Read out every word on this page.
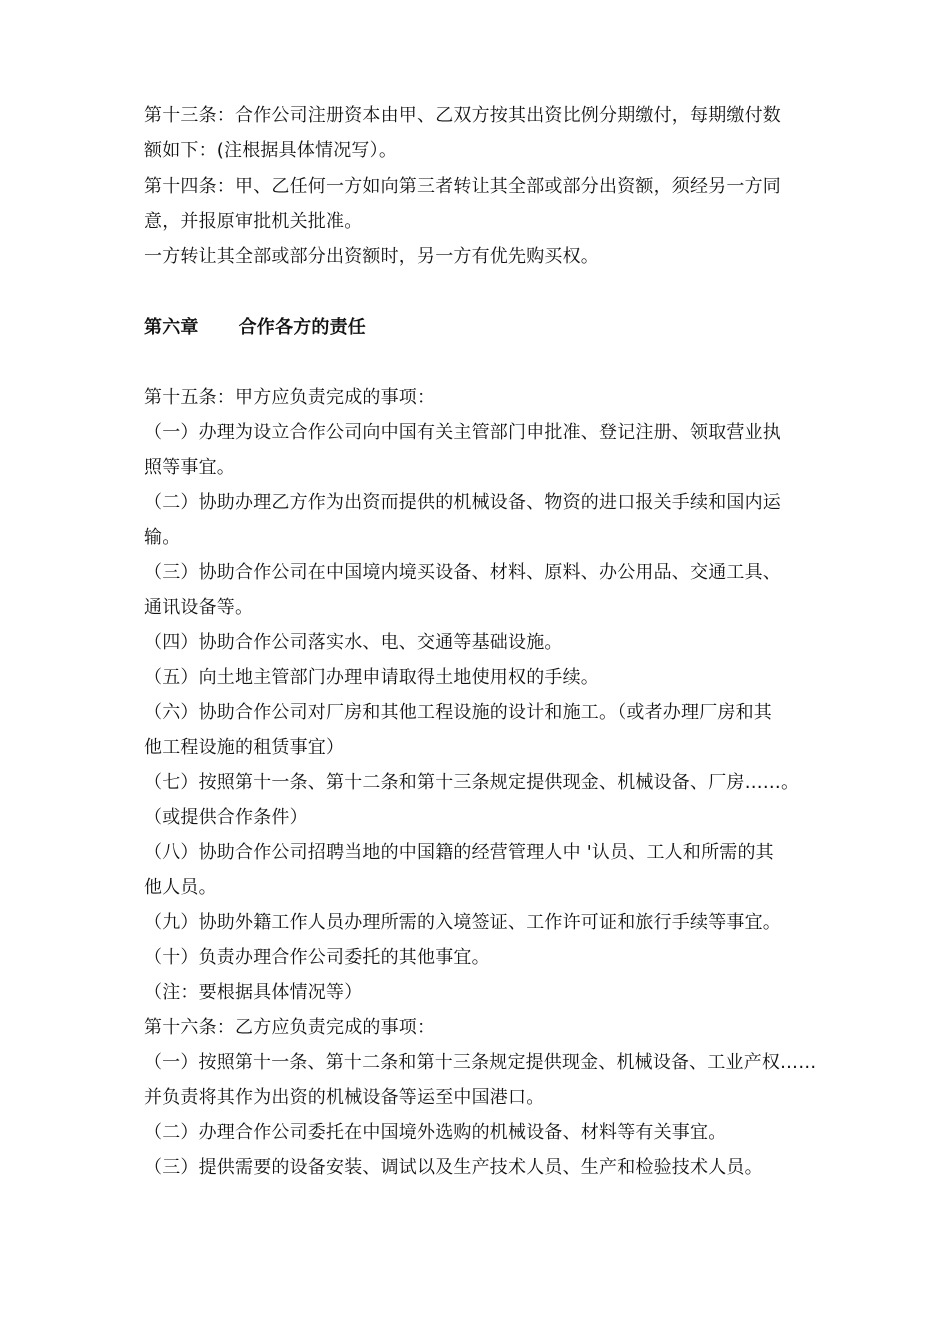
第十三条：合作公司注册资本由甲、乙双方按其出资比例分期缴付，每期缴付数
额如下：(注根据具体情况写）。
第十四条：甲、乙任何一方如向第三者转让其全部或部分出资额，须经另一方同
意，并报原审批机关批准。
一方转让其全部或部分出资额时，另一方有优先购买权。
第六章 合作各方的责任
第十五条：甲方应负责完成的事项：
（一）办理为设立合作公司向中国有关主管部门申批准、登记注册、领取营业执
照等事宜。
（二）协助办理乙方作为出资而提供的机械设备、物资的进口报关手续和国内运
输。
（三）协助合作公司在中国境内境买设备、材料、原料、办公用品、交通工具、
通讯设备等。
（四）协助合作公司落实水、电、交通等基础设施。
（五）向土地主管部门办理申请取得土地使用权的手续。
（六）协助合作公司对厂房和其他工程设施的设计和施工。（或者办理厂房和其
他工程设施的租赁事宜）
（七）按照第十一条、第十二条和第十三条规定提供现金、机械设备、厂房……。
（或提供合作条件）
（八）协助合作公司招聘当地的中国籍的经营管理人中 '认员、工人和所需的其
他人员。
（九）协助外籍工作人员办理所需的入境签证、工作许可证和旅行手续等事宜。
（十）负责办理合作公司委托的其他事宜。
（注：要根据具体情况等）
第十六条：乙方应负责完成的事项：
（一）按照第十一条、第十二条和第十三条规定提供现金、机械设备、工业产权……
并负责将其作为出资的机械设备等运至中国港口。
（二）办理合作公司委托在中国境外选购的机械设备、材料等有关事宜。
（三）提供需要的设备安装、调试以及生产技术人员、生产和检验技术人员。
